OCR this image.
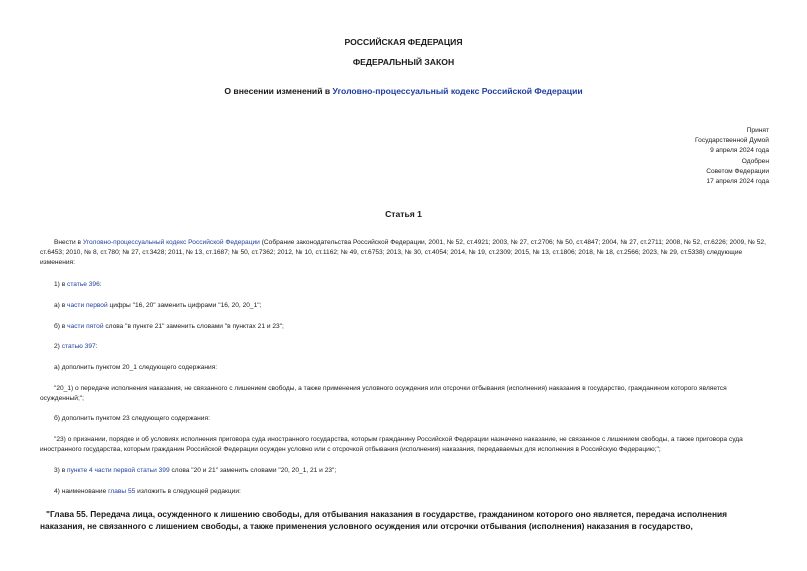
РОССИЙСКАЯ ФЕДЕРАЦИЯ
ФЕДЕРАЛЬНЫЙ ЗАКОН
О внесении изменений в Уголовно-процессуальный кодекс Российской Федерации
Принят
Государственной Думой
9 апреля 2024 года
Одобрен
Советом Федерации
17 апреля 2024 года
Статья 1
Внести в Уголовно-процессуальный кодекс Российской Федерации (Собрание законодательства Российской Федерации, 2001, № 52, ст.4921; 2003, № 27, ст.2706; № 50, ст.4847; 2004, № 27, ст.2711; 2008, № 52, ст.6226; 2009, № 52, ст.6453; 2010, № 8, ст.780; № 27, ст.3428; 2011, № 13, ст.1687; № 50, ст.7362; 2012, № 10, ст.1162; № 49, ст.6753; 2013, № 30, ст.4054; 2014, № 19, ст.2309; 2015, № 13, ст.1806; 2018, № 18, ст.2566; 2023, № 29, ст.5338) следующие изменения:
1) в статье 396:
а) в части первой цифры "16, 20" заменить цифрами "16, 20, 20_1";
б) в части пятой слова "в пункте 21" заменить словами "в пунктах 21 и 23";
2) статью 397:
а) дополнить пунктом 20_1 следующего содержания:
"20_1) о передаче исполнения наказания, не связанного с лишением свободы, а также применения условного осуждения или отсрочки отбывания (исполнения) наказания в государство, гражданином которого является осужденный;";
б) дополнить пунктом 23 следующего содержания:
"23) о признании, порядке и об условиях исполнения приговора суда иностранного государства, которым гражданину Российской Федерации назначено наказание, не связанное с лишением свободы, а также приговора суда иностранного государства, которым гражданин Российской Федерации осужден условно или с отсрочкой отбывания (исполнения) наказания, передаваемых для исполнения в Российскую Федерацию;";
3) в пункте 4 части первой статьи 399 слова "20 и 21" заменить словами "20, 20_1, 21 и 23";
4) наименование главы 55 изложить в следующей редакции:
"Глава 55. Передача лица, осужденного к лишению свободы, для отбывания наказания в государстве, гражданином которого оно является, передача исполнения наказания, не связанного с лишением свободы, а также применения условного осуждения или отсрочки отбывания (исполнения) наказания в государство,
